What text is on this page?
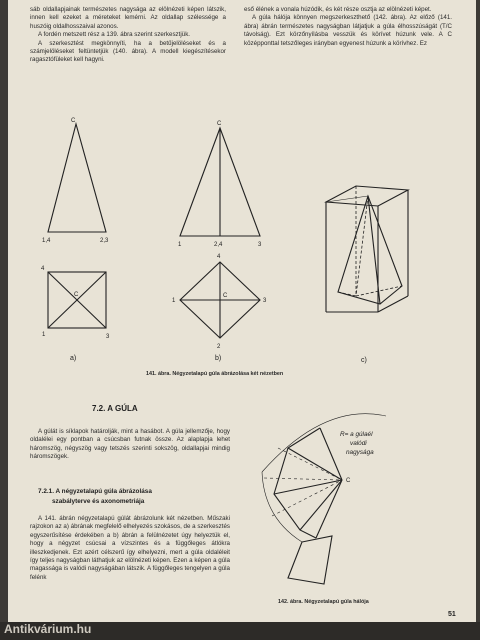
sáb oldallapjainak természetes nagysága az elölnézeti képen látszik, innen kell ezeket a méreteket lemérni. Az oldallap szélessége a huszóig oldalhosszaival azonos.

A fordén metszett rész a 139. ábra szerint szerkesztjük.

A szerkesztést megkönnyíti, ha a betűjelöléseket és a számjelöléseket feltüntetjük (140. ábra). A modell kiegészítésekor ragasztófüleket kell hagyni.

eső élének a vonala húzódik, és két része osztja az elölnézeti képet.

A gúla hálója könnyen megszerkeszthető (142. ábra). Az előző (141. ábra) ábrán természetes nagyságban látjatjuk a gúla élhosszúságát (T/C távolság). Ezt körzőnyílásba vesszük és körívet húzunk vele. A C középponttal tetszőleges irányban egyenest húzunk a körívhez. Ez

C
1,4	2,3
4
C
1	3
a)
C
1	2,4	3
4
1
C
3
2
b)	c)
141. ábra. Négyzetalapú gúla ábrázolása két nézetben
7.2. A GÚLA
A gúlát is síklapok határolják, mint a hasábot. A gúla jellemzője, hogy oldalélei egy pontban a csúcsban futnak össze. Az alaplapja lehet háromszög, négyszög vagy tetszés szerinti sokszög, oldallapjai mindig háromszögek.
7.2.1. A négyzetalapú gúla ábrázolása
szabályterve és axonometriája
A 141. ábrán négyzetalapú gúlát ábrázolunk két nézetben. Műszaki rajzokon az a) ábrának megfelelő elhelyezés szokásos, de a szerkesztés egyszerűsítése érdekében a b) ábrán a felülnézetet úgy helyeztük el, hogy a négyzet csúcsai a vízszintes és a függőleges átlókra illeszkedjenek. Ezt azért célszerű így elhelyezni, mert a gúla oldaléleit így teljes nagyságban láthatjuk az elölnézeti képen. Ezen a képen a gúla magassága is valódi nagyságában látszik. A függőleges tengelyen a gúla felénk
C
R= a gúlaél
valódi
nagysága
142. ábra. Négyzetalapú gúla hálója
51
Antikvárium.hu
